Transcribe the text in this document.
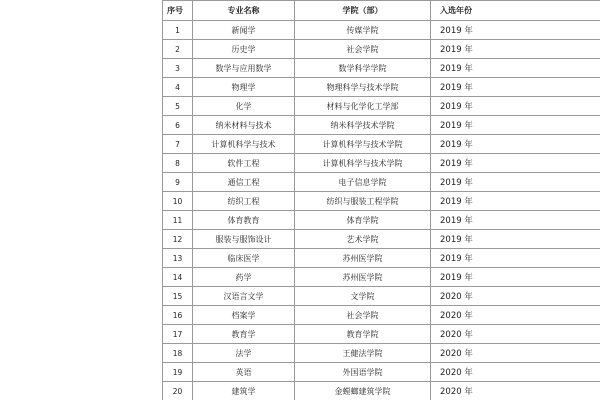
序号	专业名称	学院（部）	入选年份
1	新闻学	传媒学院	2019 年
2	历史学	社会学院	2019 年
3	数学与应用数学	数学科学学院	2019 年
4	物理学	物理科学与技术学院	2019 年
5	化学	材料与化学化工学部	2019 年
6	纳米材料与技术	纳米科学技术学院	2019 年
7	计算机科学与技术	计算机科学与技术学院	2019 年
8	软件工程	计算机科学与技术学院	2019 年
9	通信工程	电子信息学院	2019 年
10	纺织工程	纺织与服装工程学院	2019 年
11	体育教育	体育学院	2019 年
12	服装与服饰设计	艺术学院	2019 年
13	临床医学	苏州医学院	2019 年
14	药学	苏州医学院	2019 年
15	汉语言文学	文学院	2020 年
16	档案学	社会学院	2020 年
17	教育学	教育学院	2020 年
18	法学	王健法学院	2020 年
19	英语	外国语学院	2020 年
20	建筑学	金螳螂建筑学院	2020 年
